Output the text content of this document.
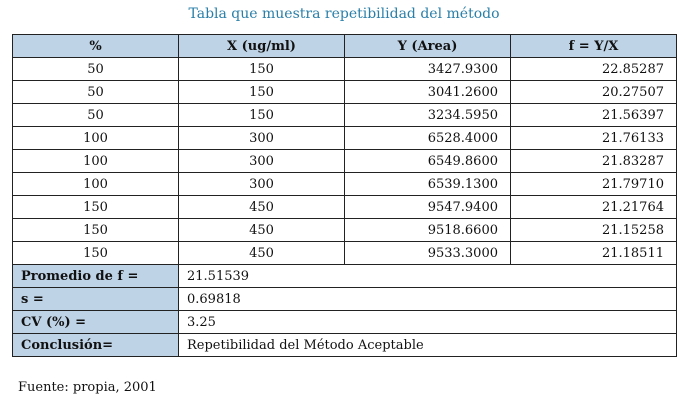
Tabla que muestra repetibilidad del método
%	X (ug/ml)	Y (Area)	f = Y/X
50	150	3427.9300	22.85287
50	150	3041.2600	20.27507
50	150	3234.5950	21.56397
100	300	6528.4000	21.76133
100	300	6549.8600	21.83287
100	300	6539.1300	21.79710
150	450	9547.9400	21.21764
150	450	9518.6600	21.15258
150	450	9533.3000	21.18511
Promedio de f =	21.51539		
s =	0.69818		
CV (%) =	3.25		
Conclusión=	Repetibilidad del Método Aceptable		
Fuente: propia, 2001
